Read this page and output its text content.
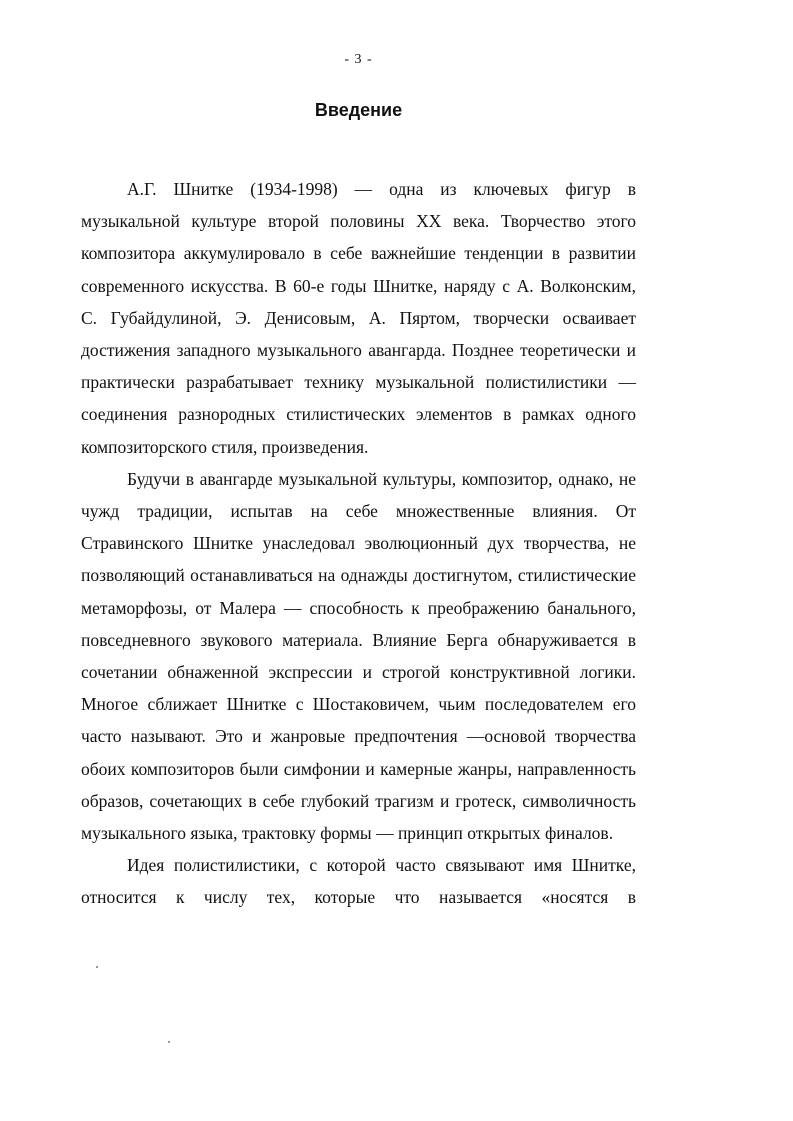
- 3 -
Введение

А.Г. Шнитке (1934-1998) — одна из ключевых фигур в музыкальной культуре второй половины XX века. Творчество этого композитора аккумулировало в себе важнейшие тенденции в развитии современного искусства. В 60-е годы Шнитке, наряду с А. Волконским, С. Губайдулиной, Э. Денисовым, А. Пяртом, творчески осваивает достижения западного музыкального авангарда. Позднее теоретически и практически разрабатывает технику музыкальной полистилистики — соединения разнородных стилистических элементов в рамках одного композиторского стиля, произведения.

Будучи в авангарде музыкальной культуры, композитор, однако, не чужд традиции, испытав на себе множественные влияния. От Стравинского Шнитке унаследовал эволюционный дух творчества, не позволяющий останавливаться на однажды достигнутом, стилистические метаморфозы, от Малера — способность к преображению банального, повседневного звукового материала. Влияние Берга обнаруживается в сочетании обнаженной экспрессии и строгой конструктивной логики. Многое сближает Шнитке с Шостаковичем, чьим последователем его часто называют. Это и жанровые предпочтения —основой творчества обоих композиторов были симфонии и камерные жанры, направленность образов, сочетающих в себе глубокий трагизм и гротеск, символичность музыкального языка, трактовку формы — принцип открытых финалов.

Идея полистилистики, с которой часто связывают имя Шнитке, относится к числу тех, которые что называется «носятся в
